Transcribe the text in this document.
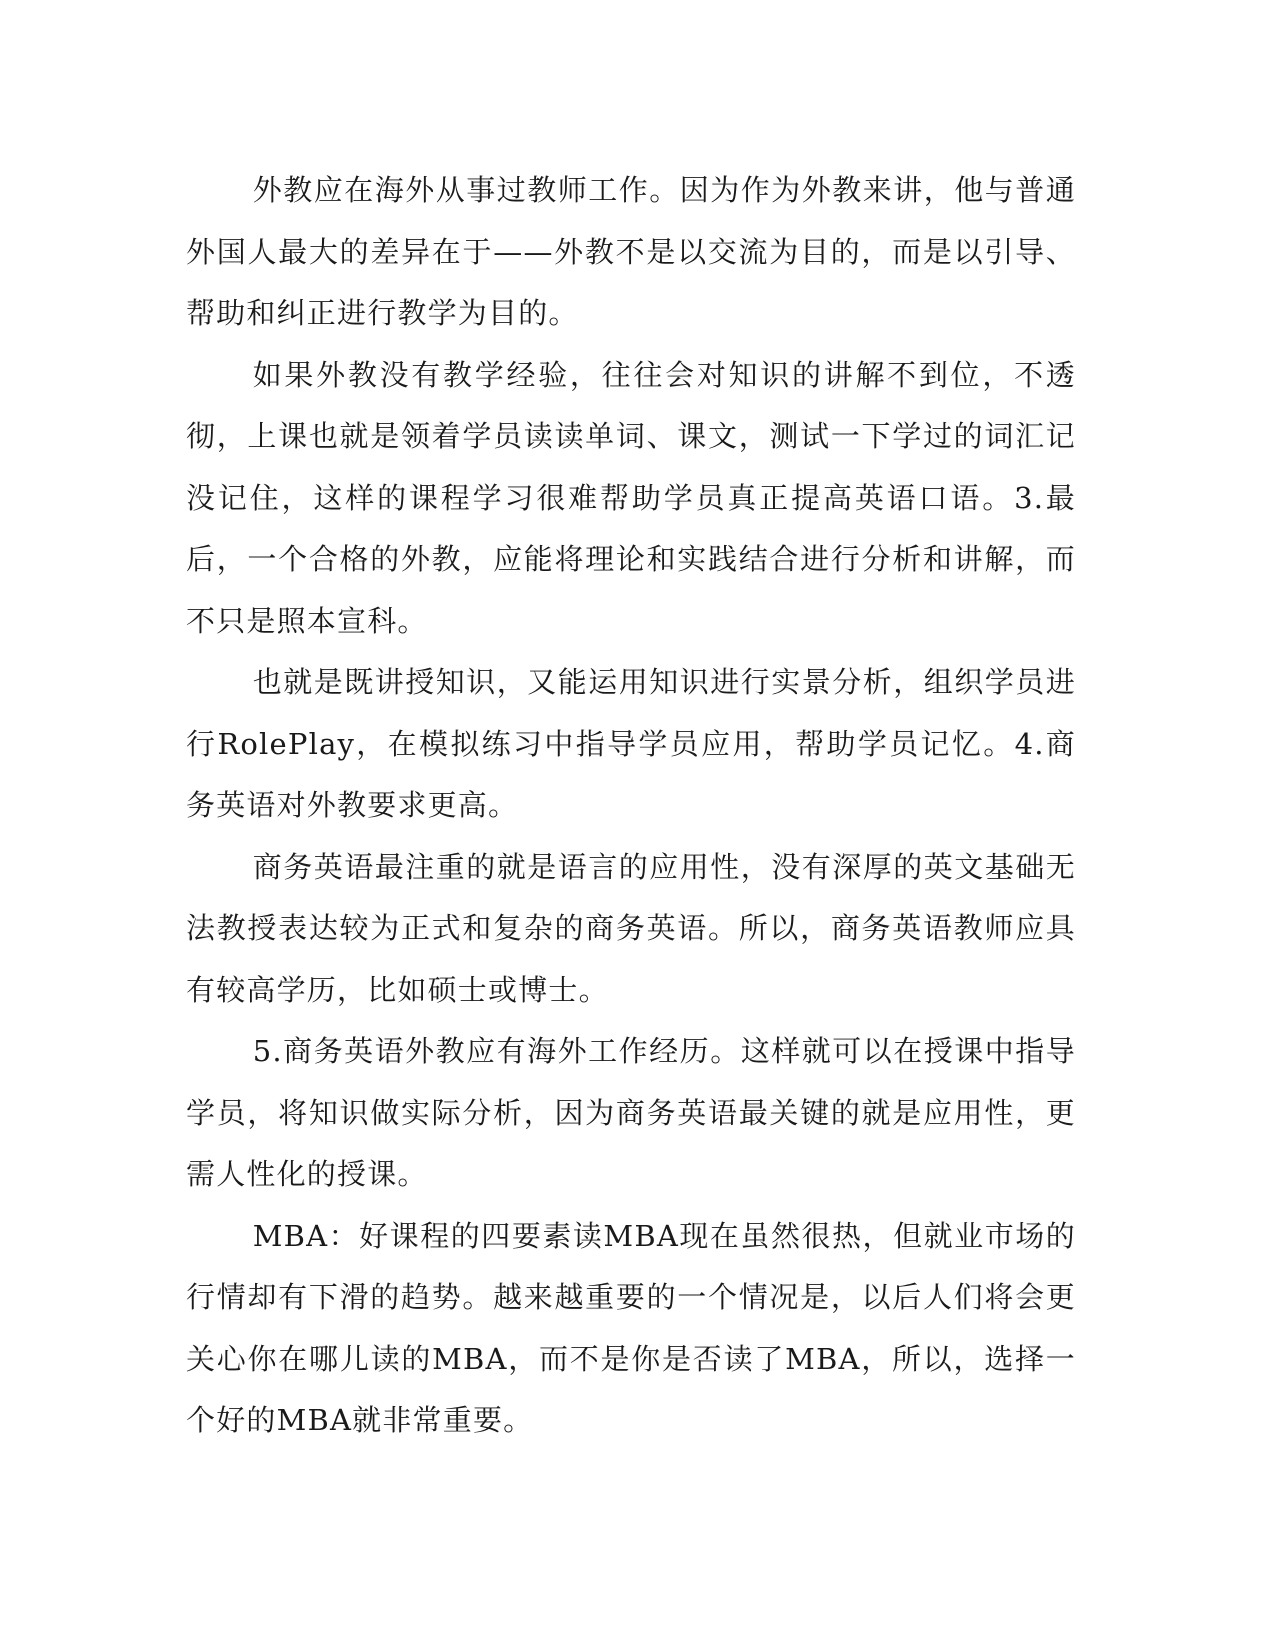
外教应在海外从事过教师工作。因为作为外教来讲，他与普通外国人最大的差异在于——外教不是以交流为目的，而是以引导、帮助和纠正进行教学为目的。

如果外教没有教学经验，往往会对知识的讲解不到位，不透彻，上课也就是领着学员读读单词、课文，测试一下学过的词汇记没记住，这样的课程学习很难帮助学员真正提高英语口语。3.最后，一个合格的外教，应能将理论和实践结合进行分析和讲解，而不只是照本宣科。

也就是既讲授知识，又能运用知识进行实景分析，组织学员进行RolePlay，在模拟练习中指导学员应用，帮助学员记忆。4.商务英语对外教要求更高。

商务英语最注重的就是语言的应用性，没有深厚的英文基础无法教授表达较为正式和复杂的商务英语。所以，商务英语教师应具有较高学历，比如硕士或博士。

5.商务英语外教应有海外工作经历。这样就可以在授课中指导学员，将知识做实际分析，因为商务英语最关键的就是应用性，更需人性化的授课。

MBA：好课程的四要素读MBA现在虽然很热，但就业市场的行情却有下滑的趋势。越来越重要的一个情况是，以后人们将会更关心你在哪儿读的MBA，而不是你是否读了MBA，所以，选择一个好的MBA就非常重要。
